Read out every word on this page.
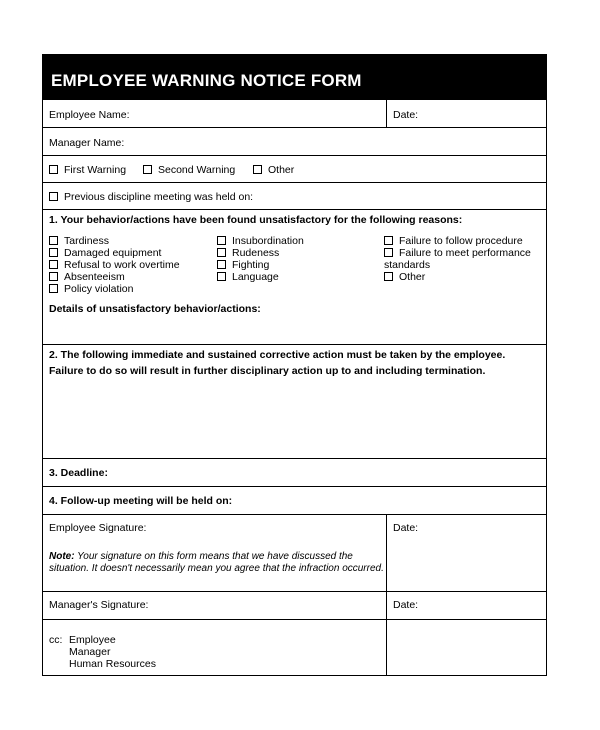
EMPLOYEE WARNING NOTICE FORM
Employee Name:	Date:
Manager Name:
First Warning	Second Warning	Other
Previous discipline meeting was held on:
1. Your behavior/actions have been found unsatisfactory for the following reasons:
Tardiness
Damaged equipment
Refusal to work overtime
Absenteeism
Policy violation
Insubordination
Rudeness
Fighting
Language
Failure to follow procedure
Failure to meet performance
standards
Other
Details of unsatisfactory behavior/actions:
2. The following immediate and sustained corrective action must be taken by the employee.
Failure to do so will result in further disciplinary action up to and including termination.
3. Deadline:
4. Follow-up meeting will be held on:
Employee Signature:
Note: Your signature on this form means that we have discussed the situation. It doesn't necessarily mean you agree that the infraction occurred.
Date:
Manager's Signature:	Date:
cc: Employee
Manager
Human Resources
